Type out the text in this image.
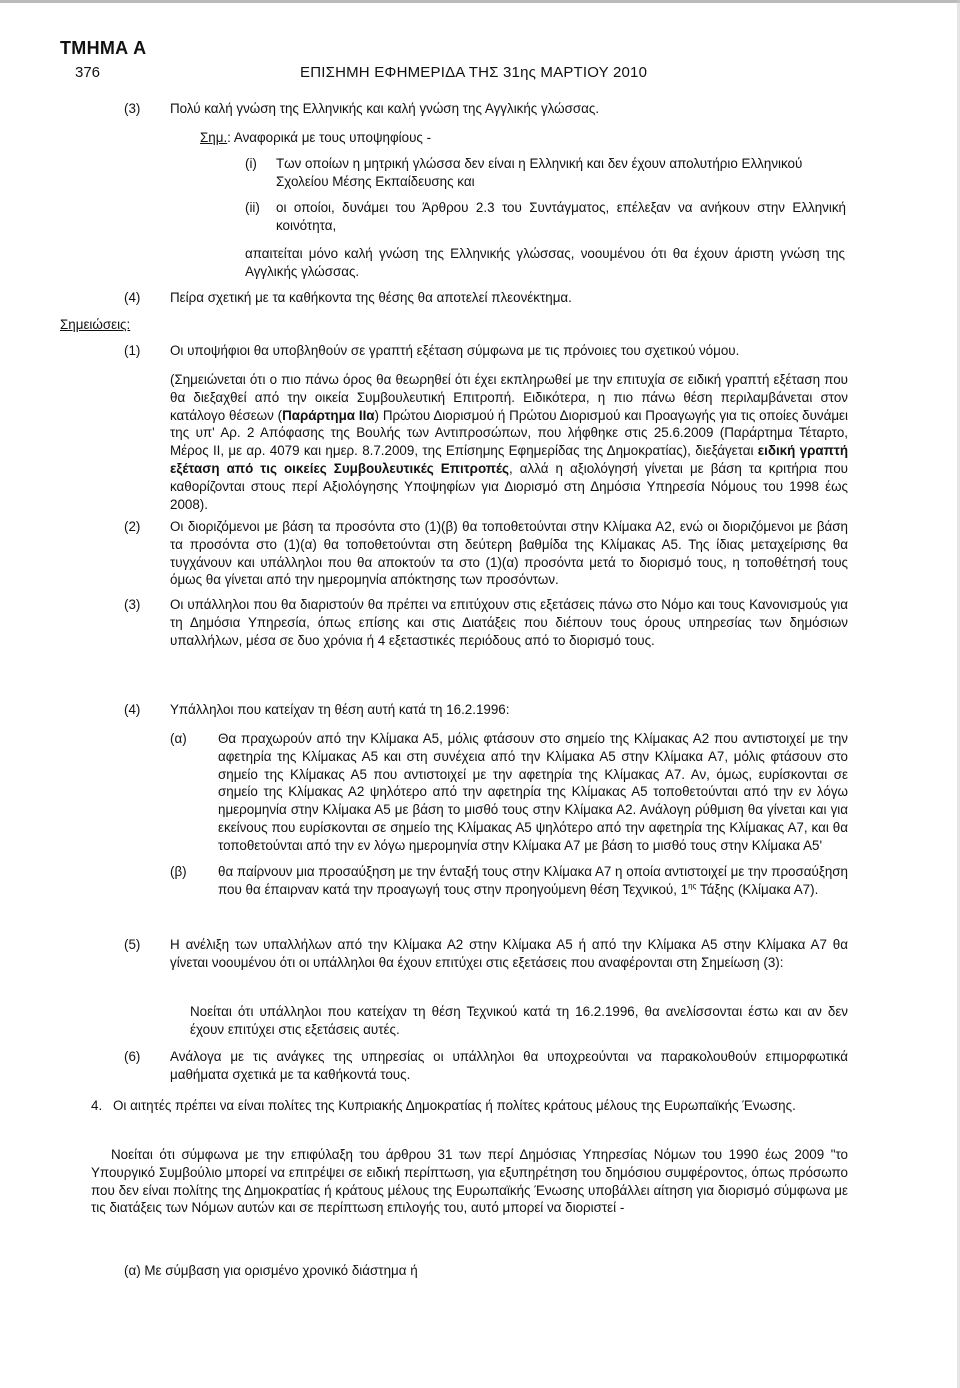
ΤΜΗΜΑ Α
376	ΕΠΙΣΗΜΗ ΕΦΗΜΕΡΙΔΑ ΤΗΣ 31ης ΜΑΡΤΙΟΥ 2010
(3) Πολύ καλή γνώση της Ελληνικής και καλή γνώση της Αγγλικής γλώσσας.
Σημ.: Αναφορικά με τους υποψηφίους -
(i) Των οποίων η μητρική γλώσσα δεν είναι η Ελληνική και δεν έχουν απολυτήριο Ελληνικού Σχολείου Μέσης Εκπαίδευσης και
(ii) οι οποίοι, δυνάμει του Άρθρου 2.3 του Συντάγματος, επέλεξαν να ανήκουν στην Ελληνική κοινότητα,
απαιτείται μόνο καλή γνώση της Ελληνικής γλώσσας, νοουμένου ότι θα έχουν άριστη γνώση της Αγγλικής γλώσσας.
(4) Πείρα σχετική με τα καθήκοντα της θέσης θα αποτελεί πλεονέκτημα.
Σημειώσεις:
(1) Οι υποψήφιοι θα υποβληθούν σε γραπτή εξέταση σύμφωνα με τις πρόνοιες του σχετικού νόμου.
(Σημειώνεται ότι ο πιο πάνω όρος θα θεωρηθεί ότι έχει εκπληρωθεί με την επιτυχία σε ειδική γραπτή εξέταση που θα διεξαχθεί από την οικεία Συμβουλευτική Επιτροπή. Ειδικότερα, η πιο πάνω θέση περιλαμβάνεται στον κατάλογο θέσεων (Παράρτημα IIα) Πρώτου Διορισμού ή Πρώτου Διορισμού και Προαγωγής για τις οποίες δυνάμει της υπ' Αρ. 2 Απόφασης της Βουλής των Αντιπροσώπων, που λήφθηκε στις 25.6.2009 (Παράρτημα Τέταρτο, Μέρος ΙΙ, με αρ. 4079 και ημερ. 8.7.2009, της Επίσημης Εφημερίδας της Δημοκρατίας), διεξάγεται ειδική γραπτή εξέταση από τις οικείες Συμβουλευτικές Επιτροπές, αλλά η αξιολόγησή γίνεται με βάση τα κριτήρια που καθορίζονται στους περί Αξιολόγησης Υποψηφίων για Διορισμό στη Δημόσια Υπηρεσία Νόμους του 1998 έως 2008).
(2) Οι διοριζόμενοι με βάση τα προσόντα στο (1)(β) θα τοποθετούνται στην Κλίμακα Α2, ενώ οι διοριζόμενοι με βάση τα προσόντα στο (1)(α) θα τοποθετούνται στη δεύτερη βαθμίδα της Κλίμακας Α5. Της ίδιας μεταχείρισης θα τυγχάνουν και υπάλληλοι που θα αποκτούν τα στο (1)(α) προσόντα μετά το διορισμό τους, η τοποθέτησή τους όμως θα γίνεται από την ημερομηνία απόκτησης των προσόντων.
(3) Οι υπάλληλοι που θα διαριστούν θα πρέπει να επιτύχουν στις εξετάσεις πάνω στο Νόμο και τους Κανονισμούς για τη Δημόσια Υπηρεσία, όπως επίσης και στις Διατάξεις που διέπουν τους όρους υπηρεσίας των δημόσιων υπαλλήλων, μέσα σε δυο χρόνια ή 4 εξεταστικές περιόδους από το διορισμό τους.
(4) Υπάλληλοι που κατείχαν τη θέση αυτή κατά τη 16.2.1996:
(α) Θα πραχωρούν από την Κλίμακα Α5, μόλις φτάσουν στο σημείο της Κλίμακας Α2 που αντιστοιχεί με την αφετηρία της Κλίμακας Α5 και στη συνέχεια από την Κλίμακα Α5 στην Κλίμακα Α7, μόλις φτάσουν στο σημείο της Κλίμακας Α5 που αντιστοιχεί με την αφετηρία της Κλίμακας Α7. Αν, όμως, ευρίσκονται σε σημείο της Κλίμακας Α2 ψηλότερο από την αφετηρία της Κλίμακας Α5 τοποθετούνται από την εν λόγω ημερομηνία στην Κλίμακα Α5 με βάση το μισθό τους στην Κλίμακα Α2. Ανάλογη ρύθμιση θα γίνεται και για εκείνους που ευρίσκονται σε σημείο της Κλίμακας Α5 ψηλότερο από την αφετηρία της Κλίμακας Α7, και θα τοποθετούνται από την εν λόγω ημερομηνία στην Κλίμακα Α7 με βάση το μισθό τους στην Κλίμακα Α5'
(β) θα παίρνουν μια προσαύξηση με την ένταξή τους στην Κλίμακα Α7 η οποία αντιστοιχεί με την προσαύξηση που θα έπαιρναν κατά την προαγωγή τους στην προηγούμενη θέση Τεχνικού, $1^{\eta\varsigma}$ Τάξης (Κλίμακα Α7).
(5) Η ανέλιξη των υπαλλήλων από την Κλίμακα Α2 στην Κλίμακα Α5 ή από την Κλίμακα Α5 στην Κλίμακα Α7 θα γίνεται νοουμένου ότι οι υπάλληλοι θα έχουν επιτύχει στις εξετάσεις που αναφέρονται στη Σημείωση (3):
Νοείται ότι υπάλληλοι που κατείχαν τη θέση Τεχνικού κατά τη 16.2.1996, θα ανελίσσονται έστω και αν δεν έχουν επιτύχει στις εξετάσεις αυτές.
(6) Ανάλογα με τις ανάγκες της υπηρεσίας οι υπάλληλοι θα υποχρεούνται να παρακολουθούν επιμορφωτικά μαθήματα σχετικά με τα καθήκοντά τους.
4. Οι αιτητές πρέπει να είναι πολίτες της Κυπριακής Δημοκρατίας ή πολίτες κράτους μέλους της Ευρωπαϊκής Ένωσης.
Νοείται ότι σύμφωνα με την επιφύλαξη του άρθρου 31 των περί Δημόσιας Υπηρεσίας Νόμων του 1990 έως 2009 "το Υπουργικό Συμβούλιο μπορεί να επιτρέψει σε ειδική περίπτωση, για εξυπηρέτηση του δημόσιου συμφέροντος, όπως πρόσωπο που δεν είναι πολίτης της Δημοκρατίας ή κράτους μέλους της Ευρωπαϊκής Ένωσης υποβάλλει αίτηση για διορισμό σύμφωνα με τις διατάξεις των Νόμων αυτών και σε περίπτωση επιλογής του, αυτό μπορεί να διοριστεί -
(α) Με σύμβαση για ορισμένο χρονικό διάστημα ή
